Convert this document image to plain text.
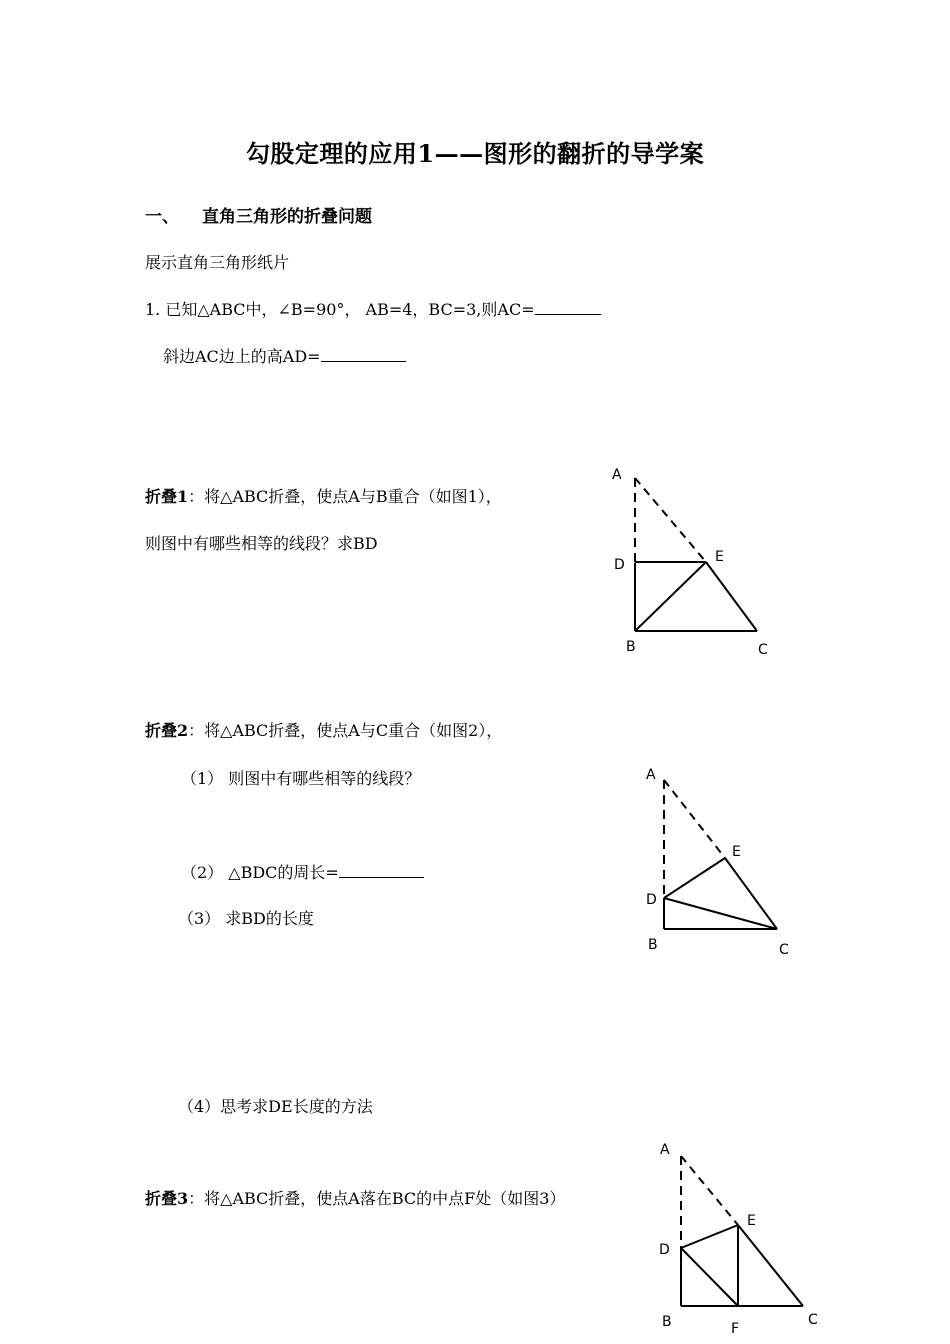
勾股定理的应用1——图形的翻折的导学案
一、 直角三角形的折叠问题
展示直角三角形纸片
1. 已知△ABC中，∠B=90°， AB=4，BC=3,则AC=
斜边AC边上的高AD=
折叠1：将△ABC折叠，使点A与B重合（如图1），
则图中有哪些相等的线段？求BD
A
D	E
B	C
折叠2：将△ABC折叠，使点A与C重合（如图2），
（1） 则图中有哪些相等的线段？
（2） △BDC的周长=
（3） 求BD的长度
（4）思考求DE长度的方法
A
E
D
B	C
折叠3：将△ABC折叠，使点A落在BC的中点F处（如图3）
A
E
D
B	F
C
